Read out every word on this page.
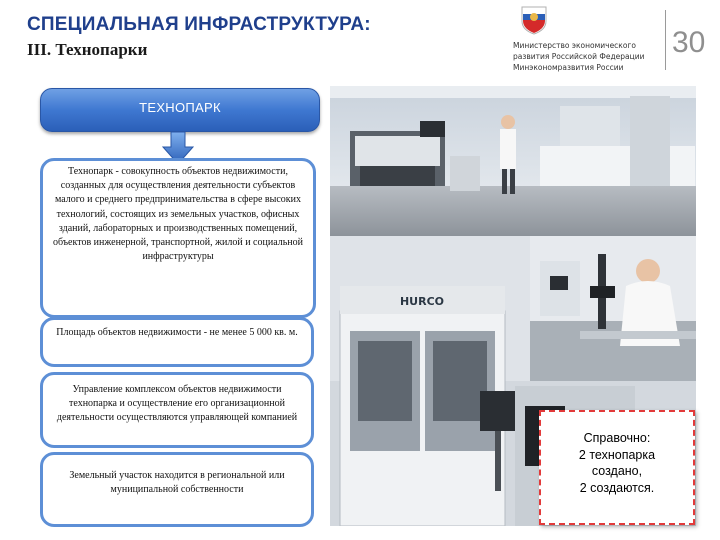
СПЕЦИАЛЬНАЯ ИНФРАСТРУКТУРА:
III. Технопарки	Министерство экономического
развития Российской Федерации
Минэкономразвития России
30
ТЕХНОПАРК

Технопарк - совокупность объектов недвижимости, созданных для осуществления деятельности субъектов малого и среднего предпринимательства в сфере высоких технологий, состоящих из земельных участков, офисных зданий, лабораторных и производственных помещений, объектов инженерной, транспортной, жилой и социальной инфраструктуры

Площадь объектов недвижимости - не менее 5 000 кв. м.

Управление комплексом объектов недвижимости технопарка и осуществление его организационной деятельности осуществляются управляющей компанией

Земельный участок находится в региональной или муниципальной собственности

HURCO
Справочно:
2 технопарка
создано,
2 создаются.
